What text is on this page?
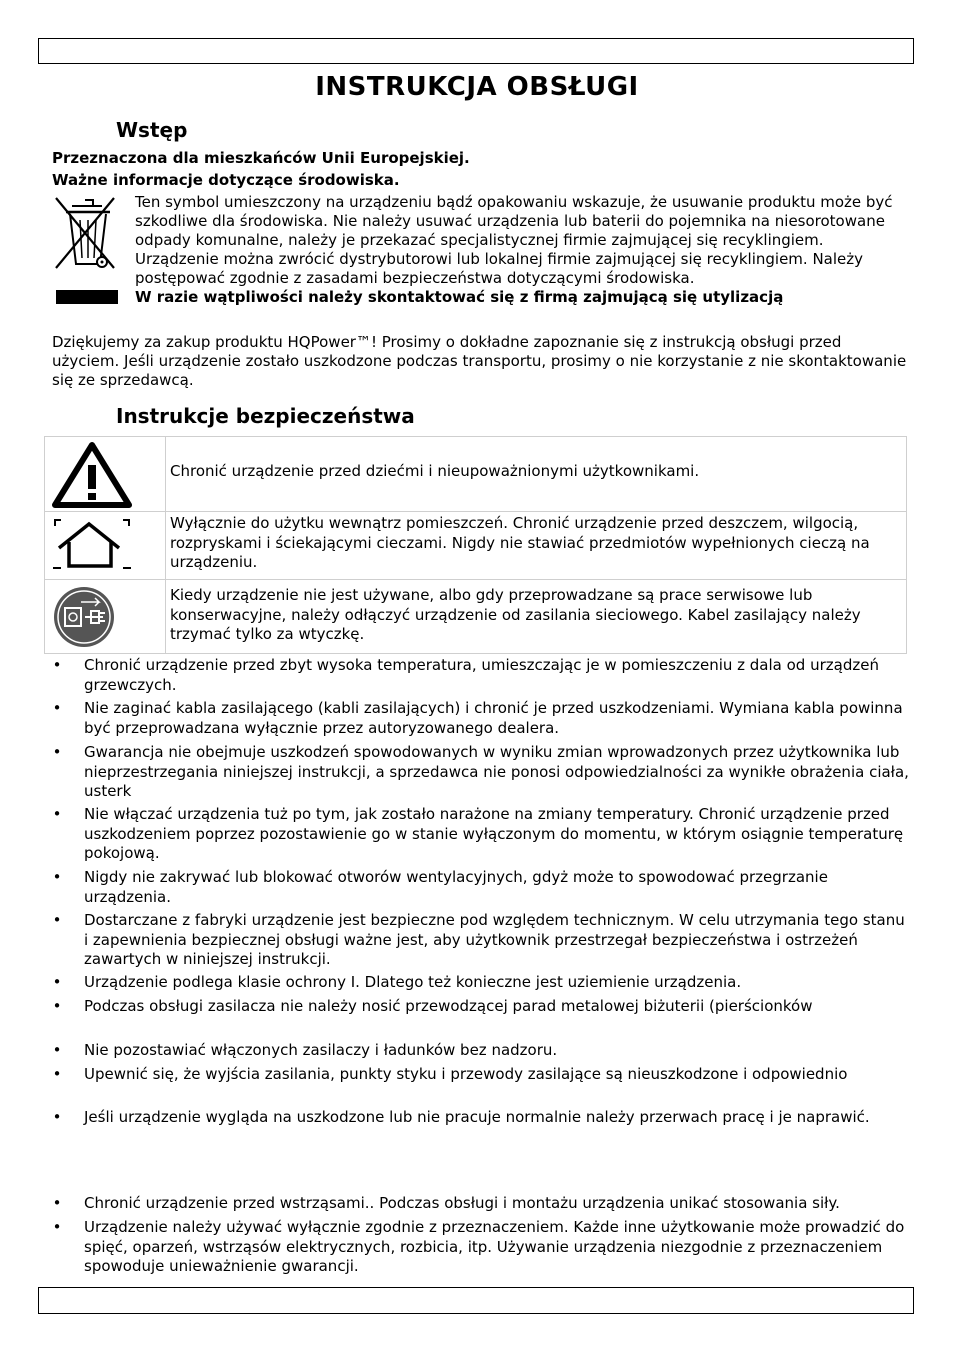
INSTRUKCJA OBSŁUGI
Wstęp
Przeznaczona dla mieszkańców Unii Europejskiej.
Ważne informacje dotyczące środowiska.
Ten symbol umieszczony na urządzeniu bądź opakowaniu wskazuje, że usuwanie produktu może być szkodliwe dla środowiska. Nie należy usuwać urządzenia lub baterii do pojemnika na niesorotowane odpady komunalne, należy je przekazać specjalistycznej firmie zajmującej się recyklingiem. Urządzenie można zwrócić dystrybutorowi lub lokalnej firmie zajmującej się recyklingiem. Należy postępować zgodnie z zasadami bezpieczeństwa dotyczącymi środowiska.
W razie wątpliwości należy skontaktować się z firmą zajmującą się utylizacją
Dziękujemy za zakup produktu HQPower™! Prosimy o dokładne zapoznanie się z instrukcją obsługi przed użyciem. Jeśli urządzenie zostało uszkodzone podczas transportu, prosimy o nie korzystanie z nie skontaktowanie się ze sprzedawcą.
Instrukcje bezpieczeństwa
	Chronić urządzenie przed dziećmi i nieupoważnionymi użytkownikami.

	Wyłącznie do użytku wewnątrz pomieszczeń. Chronić urządzenie przed deszczem, wilgocią, rozpryskami i ściekającymi cieczami. Nigdy nie stawiać przedmiotów wypełnionych cieczą na urządzeniu.

	Kiedy urządzenie nie jest używane, albo gdy przeprowadzane są prace serwisowe lub konserwacyjne, należy odłączyć urządzenie od zasilania sieciowego. Kabel zasilający należy trzymać tylko za wtyczkę.
• Chronić urządzenie przed zbyt wysoka temperatura, umieszczając je w pomieszczeniu z dala od urządzeń grzewczych.
• Nie zaginać kabla zasilającego (kabli zasilających) i chronić je przed uszkodzeniami. Wymiana kabla powinna być przeprowadzana wyłącznie przez autoryzowanego dealera.
• Gwarancja nie obejmuje uszkodzeń spowodowanych w wyniku zmian wprowadzonych przez użytkownika lub nieprzestrzegania niniejszej instrukcji, a sprzedawca nie ponosi odpowiedzialności za wynikłe obrażenia ciała, usterk
• Nie włączać urządzenia tuż po tym, jak zostało narażone na zmiany temperatury. Chronić urządzenie przed uszkodzeniem poprzez pozostawienie go w stanie wyłączonym do momentu, w którym osiągnie temperaturę pokojową.
• Nigdy nie zakrywać lub blokować otworów wentylacyjnych, gdyż może to spowodować przegrzanie urządzenia.
• Dostarczane z fabryki urządzenie jest bezpieczne pod względem technicznym. W celu utrzymania tego stanu i zapewnienia bezpiecznej obsługi ważne jest, aby użytkownik przestrzegał bezpieczeństwa i ostrzeżeń zawartych w niniejszej instrukcji.
• Urządzenie podlega klasie ochrony I. Dlatego też konieczne jest uziemienie urządzenia.
• Podczas obsługi zasilacza nie należy nosić przewodzącej parad metalowej biżuterii (pierścionków
• Nie pozostawiać włączonych zasilaczy i ładunków bez nadzoru.
• Upewnić się, że wyjścia zasilania, punkty styku i przewody zasilające są nieuszkodzone i odpowiednio
• Jeśli urządzenie wygląda na uszkodzone lub nie pracuje normalnie należy przerwach pracę i je naprawić.
• Chronić urządzenie przed wstrząsami.. Podczas obsługi i montażu urządzenia unikać stosowania siły.
• Urządzenie należy używać wyłącznie zgodnie z przeznaczeniem. Każde inne użytkowanie może prowadzić do spięć, oparzeń, wstrząsów elektrycznych, rozbicia, itp. Używanie urządzenia niezgodnie z przeznaczeniem spowoduje unieważnienie gwarancji.
